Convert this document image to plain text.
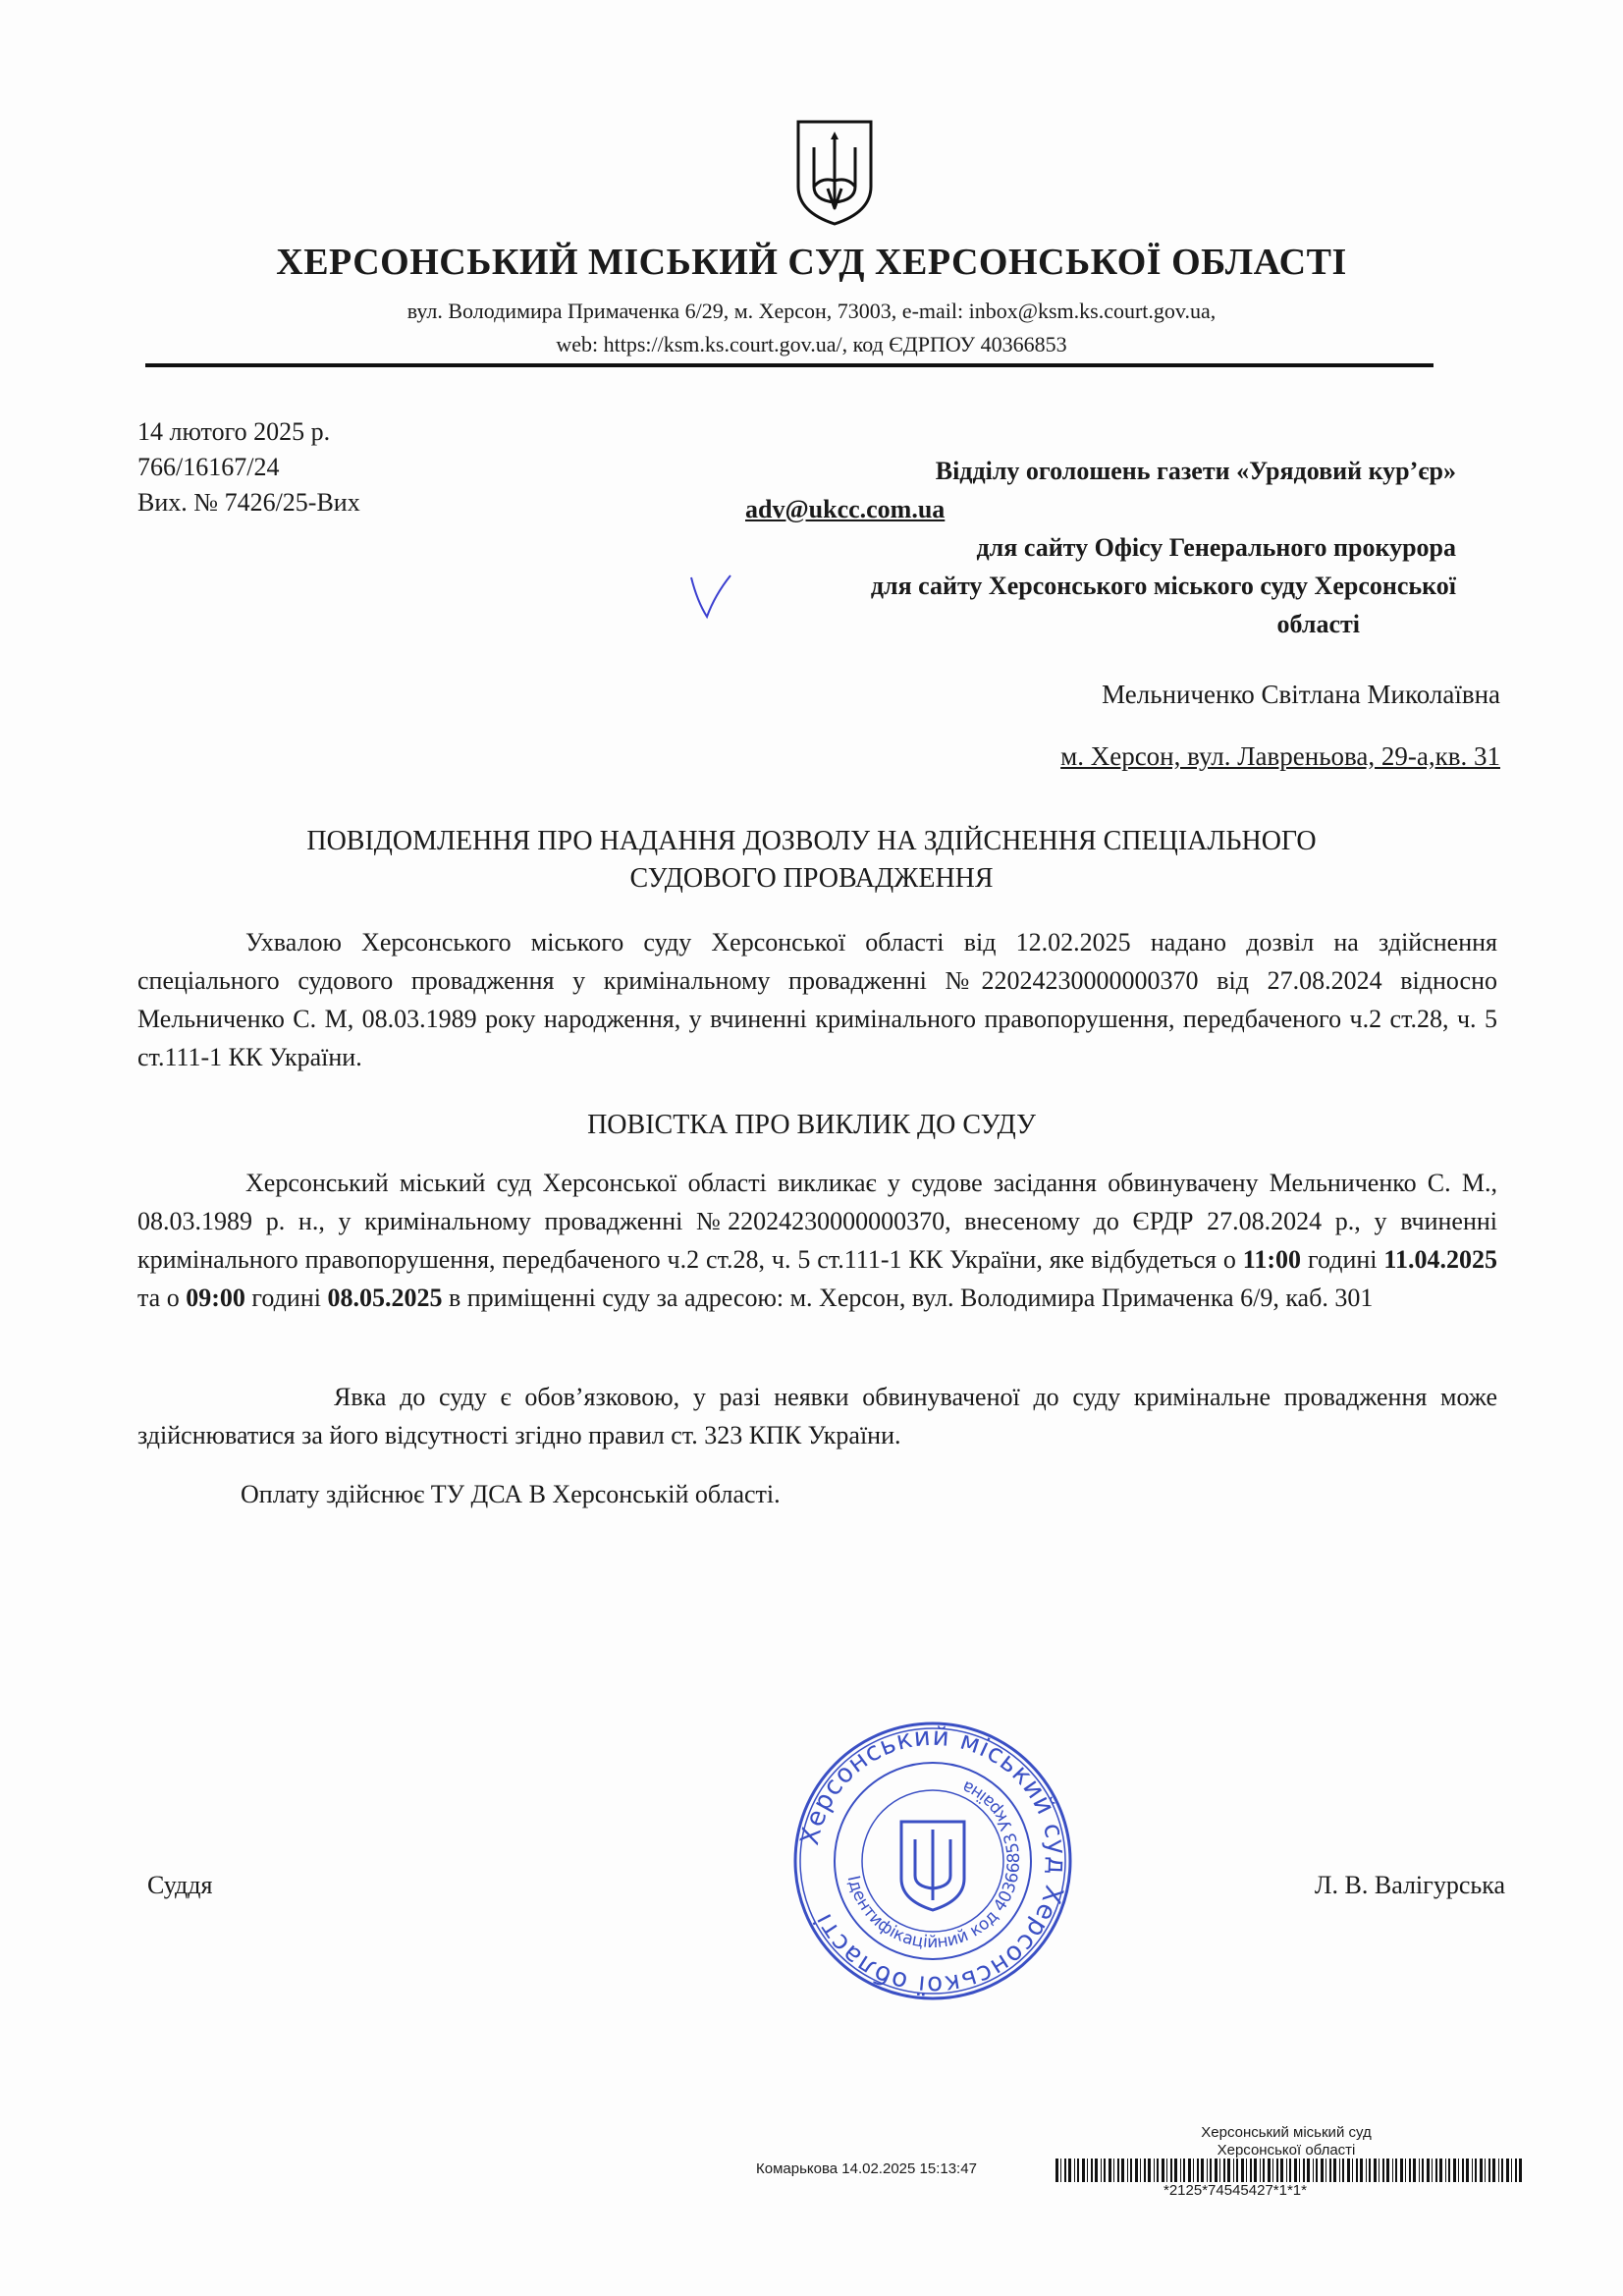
ХЕРСОНСЬКИЙ МІСЬКИЙ СУД ХЕРСОНСЬКОЇ ОБЛАСТІ
вул. Володимира Примаченка 6/29, м. Херсон, 73003, e-mail: inbox@ksm.ks.court.gov.ua,
web: https://ksm.ks.court.gov.ua/, код ЄДРПОУ 40366853
14 лютого 2025 р.
766/16167/24
Вих. № 7426/25-Вих
Відділу оголошень газети «Урядовий кур’єр»
adv@ukcc.com.ua
для сайту Офісу Генерального прокурора
для сайту Херсонського міського суду Херсонської
області
Мельниченко Світлана Миколаївна
м. Херсон, вул. Лавреньова, 29-а,кв. 31
ПОВІДОМЛЕННЯ ПРО НАДАННЯ ДОЗВОЛУ НА ЗДІЙСНЕННЯ СПЕЦІАЛЬНОГО
СУДОВОГО ПРОВАДЖЕННЯ
Ухвалою Херсонського міського суду Херсонської області від 12.02.2025 надано дозвіл на здійснення спеціального судового провадження у кримінальному провадженні №22024230000000370 від 27.08.2024 відносно Мельниченко С. М, 08.03.1989 року народження, у вчиненні кримінального правопорушення, передбаченого ч.2 ст.28, ч. 5 ст.111-1 КК України.
ПОВІСТКА ПРО ВИКЛИК ДО СУДУ
Херсонський міський суд Херсонської області викликає у судове засідання обвинувачену Мельниченко С. М., 08.03.1989 р. н., у кримінальному провадженні №22024230000000370, внесеному до ЄРДР 27.08.2024 р., у вчиненні кримінального правопорушення, передбаченого ч.2 ст.28, ч. 5 ст.111-1 КК України, яке відбудеться о 11:00 годині 11.04.2025 та о 09:00 годині 08.05.2025 в приміщенні суду за адресою: м. Херсон, вул. Володимира Примаченка 6/9, каб. 301
Явка до суду є обов’язковою, у разі неявки обвинуваченої до суду кримінальне провадження може здійснюватися за його відсутності згідно правил ст. 323 КПК України.
Оплату здійснює ТУ ДСА В Херсонській області.
Херсонський міський суд Херсонської області
Ідентифікаційний код 40366853 Україна
Суддя	Л. В. Валігурська
Херсонський міський суд
Херсонської області
Комарькова 14.02.2025 15:13:47
*2125*74545427*1*1*
